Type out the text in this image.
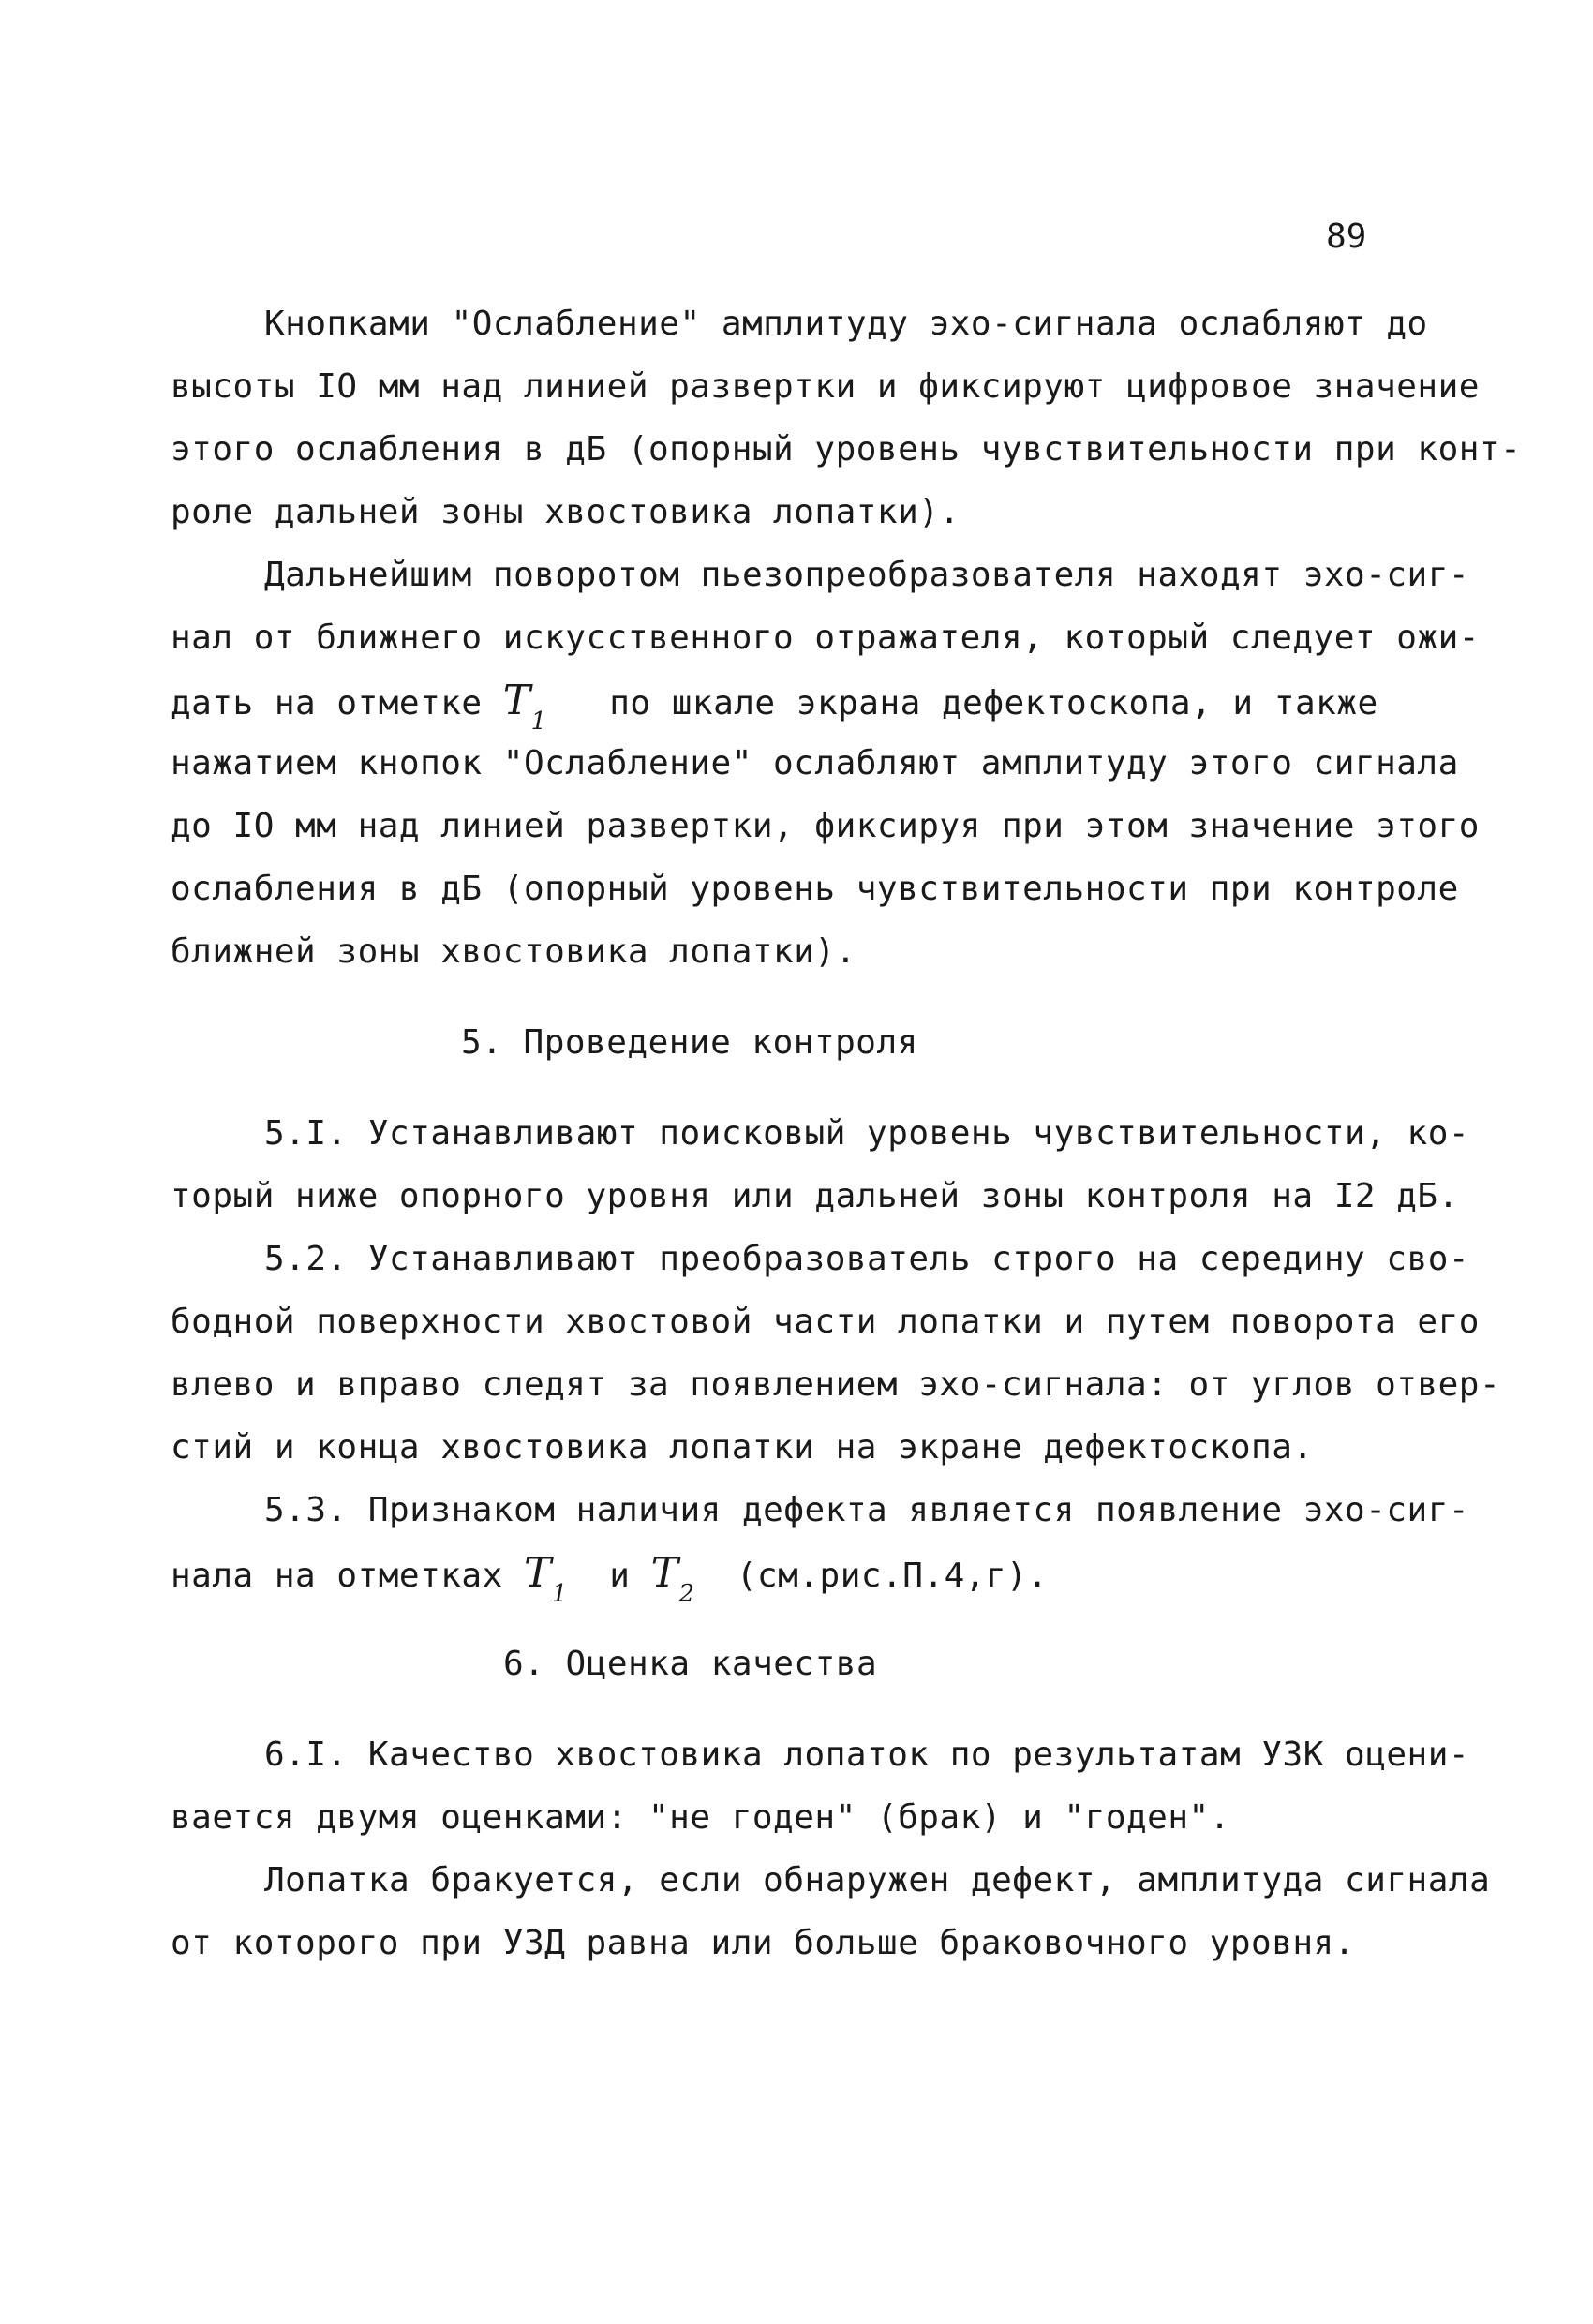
89
Кнопками "Ослабление" амплитуду эхо-сигнала ослабляют до
высоты IO мм над линией развертки и фиксируют цифровое значение
этого ослабления в дБ (опорный уровень чувствительности при конт-
роле дальней зоны хвостовика лопатки).
Дальнейшим поворотом пьезопреобразователя находят эхо-сиг-
нал от ближнего искусственного отражателя, который следует ожи-
дать на отметке $T_1$   по шкале экрана дефектоскопа, и также
нажатием кнопок "Ослабление" ослабляют амплитуду этого сигнала
до IO мм над линией развертки, фиксируя при этом значение этого
ослабления в дБ (опорный уровень чувствительности при контроле
ближней зоны хвостовика лопатки).
5. Проведение контроля
5.I. Устанавливают поисковый уровень чувствительности, ко-
торый ниже опорного уровня или дальней зоны контроля на I2 дБ.
5.2. Устанавливают преобразователь строго на середину сво-
бодной поверхности хвостовой части лопатки и путем поворота его
влево и вправо следят за появлением эхо-сигнала: от углов отвер-
стий и конца хвостовика лопатки на экране дефектоскопа.
5.3. Признаком наличия дефекта является появление эхо-сиг-
нала на отметках $T_1$  и $T_2$  (см.рис.П.4,г).
6. Оценка качества
6.I. Качество хвостовика лопаток по результатам УЗК оцени-
вается двумя оценками: "не годен" (брак) и "годен".
Лопатка бракуется, если обнаружен дефект, амплитуда сигнала
от которого при УЗД равна или больше браковочного уровня.
